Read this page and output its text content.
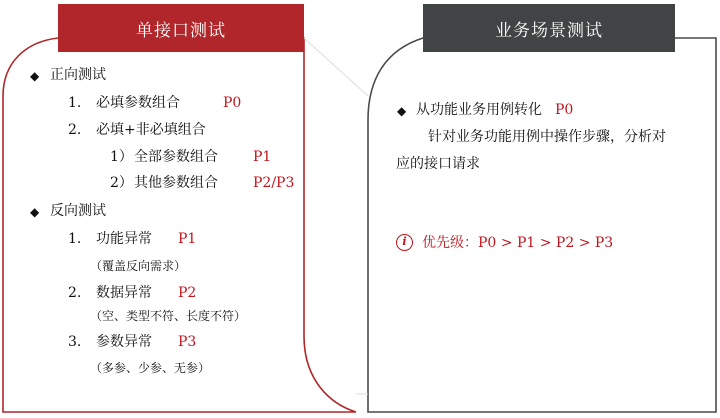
单接口测试	业务场景测试
◆ 正向测试
1. 必填参数组合	P0
2. 必填+非必填组合
1） 全部参数组合	P1
2） 其他参数组合	P2/P3
◆ 反向测试
1. 功能异常 P1
（覆盖反向需求）
2. 数据异常 P2
（空、类型不符、长度不符）
3. 参数异常 P3
（多参、少参、无参）
◆ 从功能业务用例转化 P0
针对业务功能用例中操作步骤，分析对
应的接口请求
i	优先级：P0 > P1 > P2 > P3
